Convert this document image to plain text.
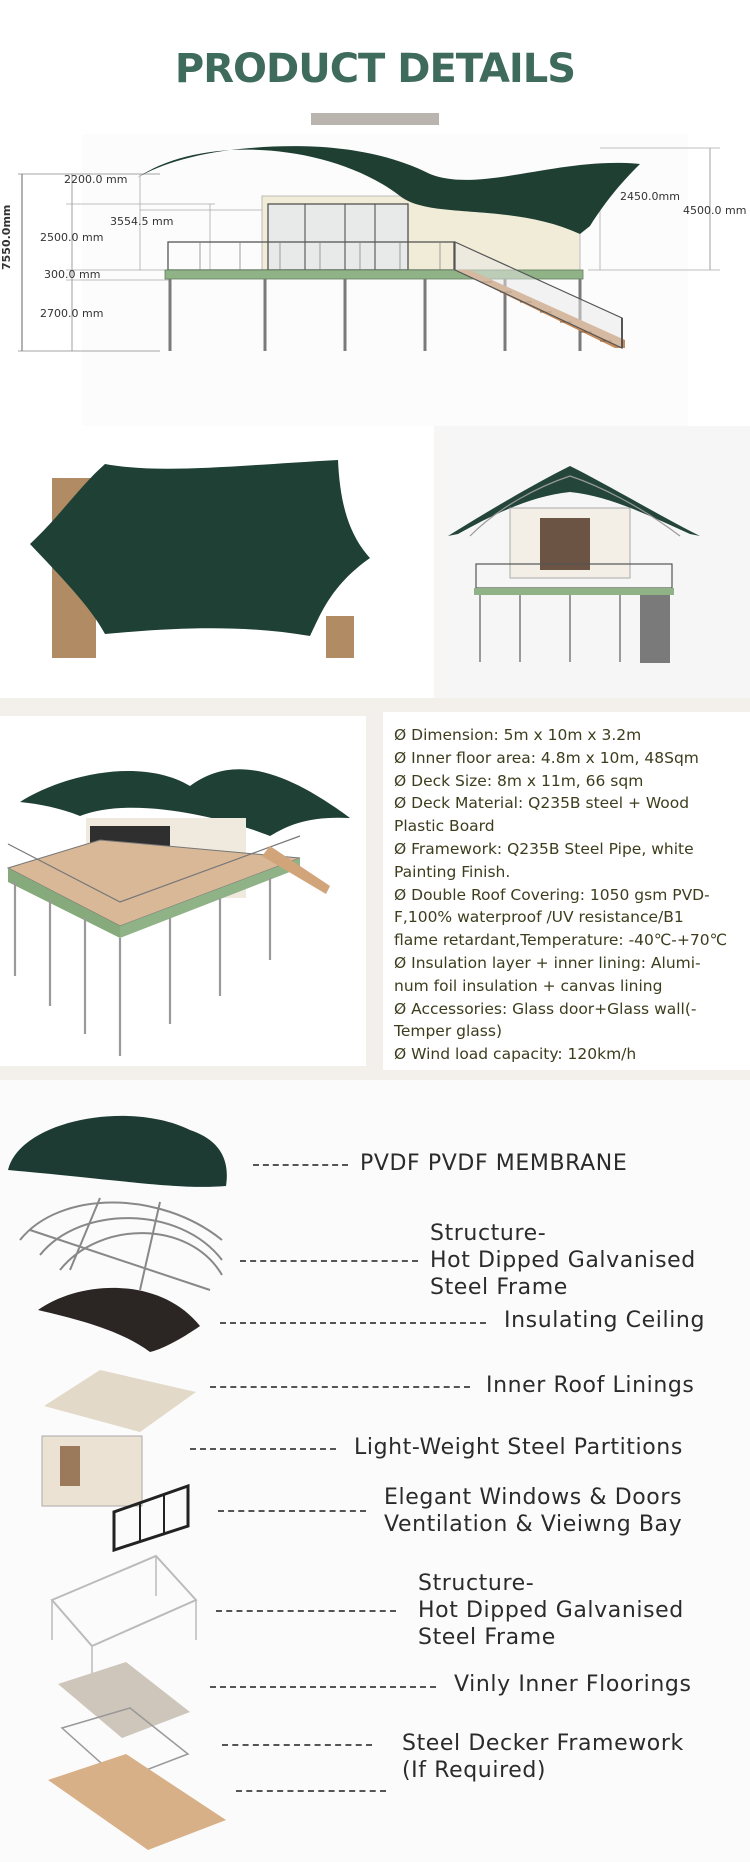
PRODUCT DETAILS
7550.0mm
2200.0 mm
3554.5 mm
2500.0 mm
300.0 mm
2700.0 mm
2450.0mm
4500.0 mm
Ø Dimension: 5m x 10m x 3.2m
Ø Inner floor area: 4.8m x 10m, 48Sqm
Ø Deck Size: 8m x 11m, 66 sqm
Ø Deck Material: Q235B steel + Wood
Plastic Board
Ø Framework: Q235B Steel Pipe, white
Painting Finish.
Ø Double Roof Covering: 1050 gsm PVD-
F,100% waterproof /UV resistance/B1
flame retardant,Temperature: -40℃-+70℃
Ø Insulation layer + inner lining: Alumi-
num foil insulation + canvas lining
Ø Accessories: Glass door+Glass wall(-
Temper glass)
Ø Wind load capacity: 120km/h
PVDF PVDF MEMBRANE
Structure-
Hot Dipped Galvanised
Steel Frame
Insulating Ceiling
Inner Roof Linings
Light-Weight Steel Partitions
Elegant Windows & Doors
Ventilation & Vieiwng Bay
Structure-
Hot Dipped Galvanised
Steel Frame
Vinly Inner Floorings
Steel Decker Framework
(If Required)
